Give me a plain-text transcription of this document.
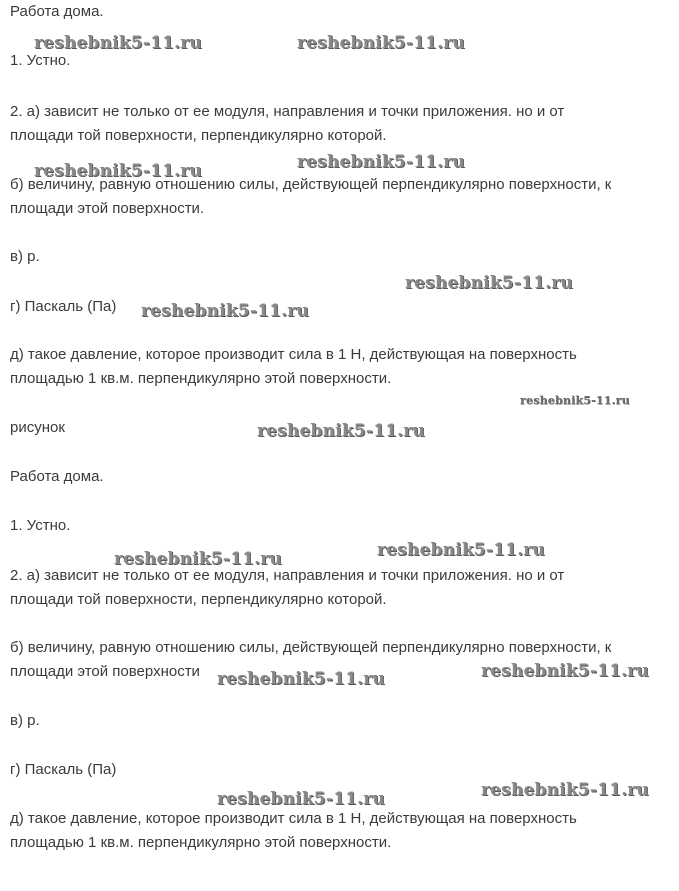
Работа дома.
1. Устно.
2. а) зависит не только от ее модуля, направления и точки приложения. но и от
площади той поверхности, перпендикулярно которой.
б) величину, равную отношению силы, действующей перпендикулярно поверхности, к
площади этой поверхности.
в) р.
г) Паскаль (Па)
д) такое давление, которое производит сила в 1 Н, действующая на поверхность
площадью 1 кв.м. перпендикулярно этой поверхности.
рисунок
Работа дома.
1. Устно.
2. а) зависит не только от ее модуля, направления и точки приложения. но и от
площади той поверхности, перпендикулярно которой.
б) величину, равную отношению силы, действующей перпендикулярно поверхности, к
площади этой поверхности
в) р.
г) Паскаль (Па)
д) такое давление, которое производит сила в 1 Н, действующая на поверхность
площадью 1 кв.м. перпендикулярно этой поверхности.
reshebnik5-11.ru	reshebnik5-11.ru
reshebnik5-11.ru	reshebnik5-11.ru
reshebnik5-11.ru
reshebnik5-11.ru
reshebnik5-11.ru
reshebnik5-11.ru
reshebnik5-11.ru
reshebnik5-11.ru
reshebnik5-11.ru
reshebnik5-11.ru
reshebnik5-11.ru
reshebnik5-11.ru
